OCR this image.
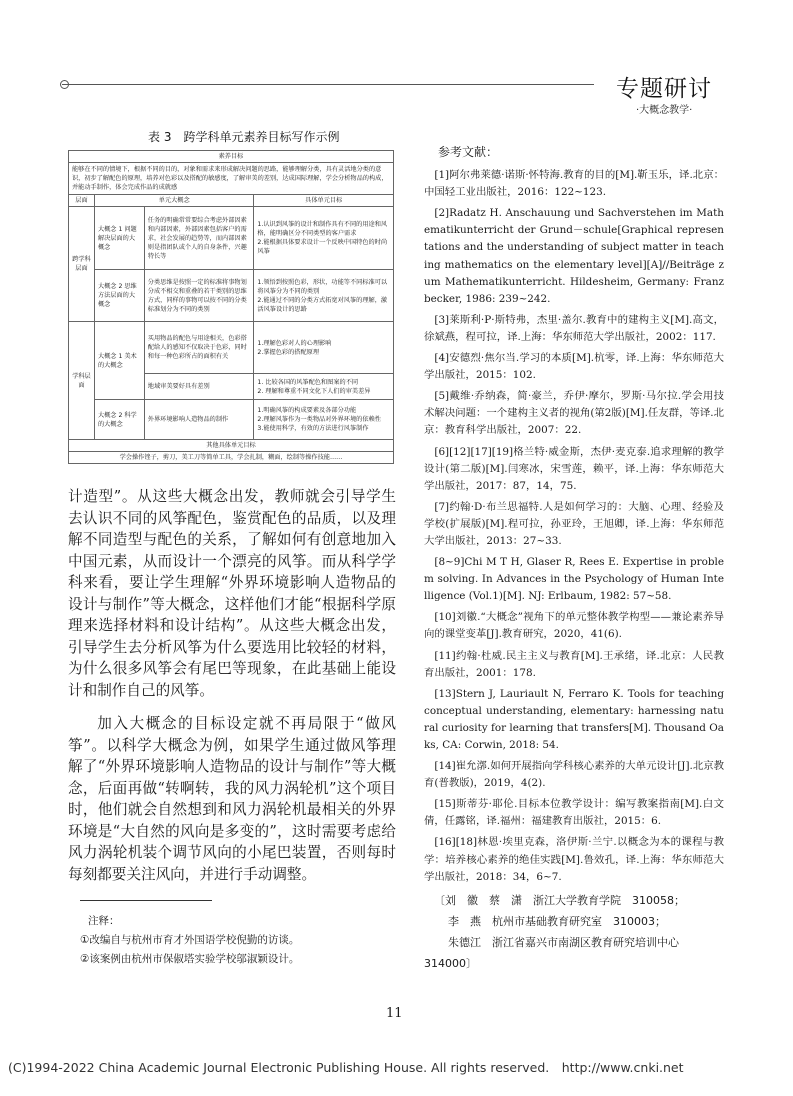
专题研讨
·大概念教学·
表 3　跨学科单元素养目标写作示例
素养目标			
能够在不同的情境下，根据不同的目的，对象和需求来形成解决问题的思路，能够理解分类，具有灵活地分类的意识，初步了解配色的原理，培养对色彩以及搭配的敏感度，了解审美的差别，达成国际理解，学会分析物品的构成，并能动手制作，体会完成作品的成就感			
层面	单元大概念		具体单元目标
跨学科层面	大概念 1 问题解决层面的大概念	任务的明确常常要综合考虑外部因素和内部因素，外部因素包括客户的需求，社会发展的趋势等，而内部因素则是指团队或个人的自身条件，兴趣特长等	1.认识到风筝的设计和制作具有不同的用途和风格，能明确区分不同类型的客户需求
2.能根据具体要求设计一个反映中国特色的时尚风筝
	大概念 2 思维方法层面的大概念	分类思维是按照一定的标准将事物划分成不相交和重叠的若干类别的思维方式，同样的事物可以按不同的分类标准划分为不同的类别	1.领悟到按照色彩，形状，功能等不同标准可以将风筝分为不同的类别
2.能通过不同的分类方式拓宽对风筝的理解，激活风筝设计的思路
学科层面	大概念 1 美术的大概念	买用物品的配色与用途相关，色彩搭配给人的感知不仅取决于色彩，同时和每一种色彩所占的面积有关	1.理解色彩对人的心理影响
2.掌握色彩的搭配原理
		地域审美要好具有差别	1. 比较各国的风筝配色和图案的不同
2. 理解和尊重不同文化下人们的审美差异
	大概念 2 科学的大概念	外界环境影响人造物品的制作	1.明确风筝的构成要素及各部分功能
2.理解风筝作为一类物品对外界环境的依赖性
3.能使用科学，有效的方法进行风筝制作
其他具体单元目标			
学会操作锉子，剪刀，美工刀等简单工具，学会扎制，糊面，绘制等操作技能……			

计造型”。从这些大概念出发，教师就会引导学生去认识不同的风筝配色，鉴赏配色的品质，以及理解不同造型与配色的关系，了解如何有创意地加入中国元素，从而设计一个漂亮的风筝。而从科学学科来看，要让学生理解“外界环境影响人造物品的设计与制作”等大概念，这样他们才能“根据科学原理来选择材料和设计结构”。从这些大概念出发，引导学生去分析风筝为什么要选用比较轻的材料，为什么很多风筝会有尾巴等现象，在此基础上能设计和制作自己的风筝。

加入大概念的目标设定就不再局限于“做风筝”。以科学大概念为例，如果学生通过做风筝理解了“外界环境影响人造物品的设计与制作”等大概念，后面再做“转啊转，我的风力涡轮机”这个项目时，他们就会自然想到和风力涡轮机最相关的外界环境是“大自然的风向是多变的”，这时需要考虑给风力涡轮机装个调节风向的小尾巴装置，否则每时每刻都要关注风向，并进行手动调整。

注释：
①改编自与杭州市育才外国语学校倪勤的访谈。
②该案例由杭州市保俶塔实验学校邬淑颖设计。
参考文献：
[1]阿尔弗莱德·诺斯·怀特海.教育的目的[M].靳玉乐，译.北京：中国轻工业出版社，2016：122~123.
[2]Radatz H. Anschauung und Sachverstehen im Mathematikunterricht der Grund－schule[Graphical representations and the understanding of subject matter in teaching mathematics on the elementary level][A]//Beiträge zum Mathematikunterricht. Hildesheim, Germany: Franzbecker, 1986: 239~242.
[3]莱斯利·P·斯特弗，杰里·盖尔.教育中的建构主义[M].高文，徐斌燕，程可拉，译.上海：华东师范大学出版社，2002：117.
[4]安德烈·焦尔当.学习的本质[M].杭零，译.上海：华东师范大学出版社，2015：102.
[5]戴维·乔纳森，简·豪兰，乔伊·摩尔，罗斯·马尔拉.学会用技术解决问题：一个建构主义者的视角(第2版)[M].任友群，等译.北京：教育科学出版社，2007：22.
[6][12][17][19]格兰特·威金斯，杰伊·麦克泰.追求理解的教学设计(第二版)[M].闫寒冰，宋雪莲，赖平，译.上海：华东师范大学出版社，2017：87，14，75.
[7]约翰·D·布兰思福特.人是如何学习的：大脑、心理、经验及学校(扩展版)[M].程可拉，孙亚玲，王旭卿，译.上海：华东师范大学出版社，2013：27~33.
[8~9]Chi M T H, Glaser R, Rees E. Expertise in problem solving. In Advances in the Psychology of Human Intelligence (Vol.1)[M]. NJ: Erlbaum, 1982: 57~58.
[10]刘徽.“大概念”视角下的单元整体教学构型——兼论素养导向的课堂变革[J].教育研究，2020，41(6).
[11]约翰·杜威.民主主义与教育[M].王承绪，译.北京：人民教育出版社，2001：178.
[13]Stern J, Lauriault N, Ferraro K. Tools for teaching conceptual understanding, elementary: harnessing natural curiosity for learning that transfers[M]. Thousand Oaks, CA: Corwin, 2018: 54.
[14]崔允漷.如何开展指向学科核心素养的大单元设计[J].北京教育(普教版)，2019，4(2).
[15]斯蒂芬·耶伦.目标本位教学设计：编写教案指南[M].白文倩，任露铭，译.福州：福建教育出版社，2015：6.
[16][18]林恩·埃里克森，洛伊斯·兰宁.以概念为本的课程与教学：培养核心素养的绝佳实践[M].鲁效孔，译.上海：华东师范大学出版社，2018：34，6~7.
〔刘　徽　蔡　潇　浙江大学教育学院　310058；
李　燕　杭州市基础教育研究室　310003；
朱德江　浙江省嘉兴市南湖区教育研究培训中心
314000〕
11
(C)1994-2022 China Academic Journal Electronic Publishing House. All rights reserved.　http://www.cnki.net
